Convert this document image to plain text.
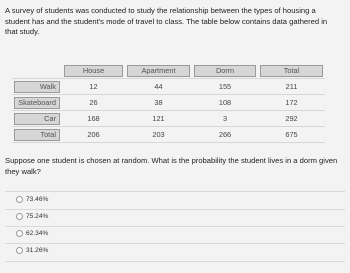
A survey of students was conducted to study the relationship between the types of housing a student has and the student's mode of travel to class. The table below contains data gathered in that study.

	House	Apartment	Dorm	Total

Walk	12	44	155	211

Skateboard	26	38	108	172

Car	168	121	3	292

Total	206	203	266	675
Suppose one student is chosen at random. What is the probability the student lives in a dorm given they walk?
73.46%
75.24%
62.34%
31.26%
